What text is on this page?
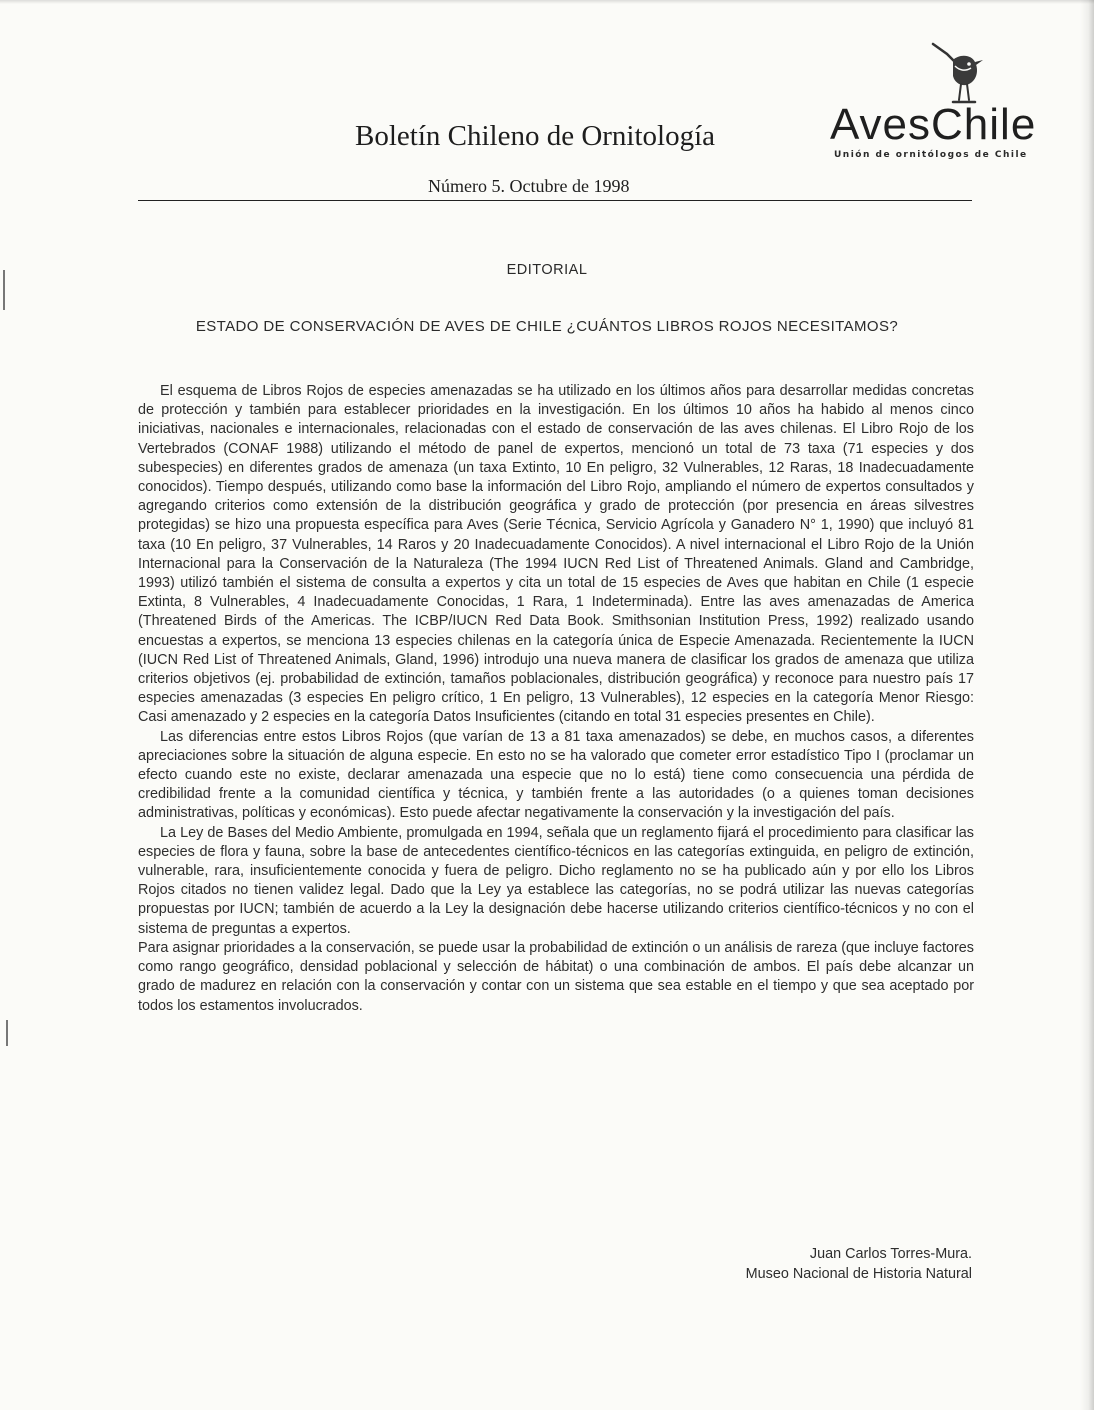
Boletín Chileno de Ornitología
Número 5. Octubre de 1998
AvesChile
Unión de ornitólogos de Chile
EDITORIAL
ESTADO DE CONSERVACIÓN DE AVES DE CHILE ¿CUÁNTOS LIBROS ROJOS NECESITAMOS?

El esquema de Libros Rojos de especies amenazadas se ha utilizado en los últimos años para desarrollar medidas concretas de protección y también para establecer prioridades en la investigación. En los últimos 10 años ha habido al menos cinco iniciativas, nacionales e internacionales, relacionadas con el estado de conservación de las aves chilenas. El Libro Rojo de los Vertebrados (CONAF 1988) utilizando el método de panel de expertos, mencionó un total de 73 taxa (71 especies y dos subespecies) en diferentes grados de amenaza (un taxa Extinto, 10 En peligro, 32 Vulnerables, 12 Raras, 18 Inadecuadamente conocidos). Tiempo después, utilizando como base la información del Libro Rojo, ampliando el número de expertos consultados y agregando criterios como extensión de la distribución geográfica y grado de protección (por presencia en áreas silvestres protegidas) se hizo una propuesta específica para Aves (Serie Técnica, Servicio Agrícola y Ganadero N° 1, 1990) que incluyó 81 taxa (10 En peligro, 37 Vulnerables, 14 Raros y 20 Inadecuadamente Conocidos). A nivel internacional el Libro Rojo de la Unión Internacional para la Conservación de la Naturaleza (The 1994 IUCN Red List of Threatened Animals. Gland and Cambridge, 1993) utilizó también el sistema de consulta a expertos y cita un total de 15 especies de Aves que habitan en Chile (1 especie Extinta, 8 Vulnerables, 4 Inadecuadamente Conocidas, 1 Rara, 1 Indeterminada). Entre las aves amenazadas de America (Threatened Birds of the Americas. The ICBP/IUCN Red Data Book. Smithsonian Institution Press, 1992) realizado usando encuestas a expertos, se menciona 13 especies chilenas en la categoría única de Especie Amenazada. Recientemente la IUCN (IUCN Red List of Threatened Animals, Gland, 1996) introdujo una nueva manera de clasificar los grados de amenaza que utiliza criterios objetivos (ej. probabilidad de extinción, tamaños poblacionales, distribución geográfica) y reconoce para nuestro país 17 especies amenazadas (3 especies En peligro crítico, 1 En peligro, 13 Vulnerables), 12 especies en la categoría Menor Riesgo: Casi amenazado y 2 especies en la categoría Datos Insuficientes (citando en total 31 especies presentes en Chile).

Las diferencias entre estos Libros Rojos (que varían de 13 a 81 taxa amenazados) se debe, en muchos casos, a diferentes apreciaciones sobre la situación de alguna especie. En esto no se ha valorado que cometer error estadístico Tipo I (proclamar un efecto cuando este no existe, declarar amenazada una especie que no lo está) tiene como consecuencia una pérdida de credibilidad frente a la comunidad científica y técnica, y también frente a las autoridades (o a quienes toman decisiones administrativas, políticas y económicas). Esto puede afectar negativamente la conservación y la investigación del país.

La Ley de Bases del Medio Ambiente, promulgada en 1994, señala que un reglamento fijará el procedimiento para clasificar las especies de flora y fauna, sobre la base de antecedentes científico-técnicos en las categorías extinguida, en peligro de extinción, vulnerable, rara, insuficientemente conocida y fuera de peligro. Dicho reglamento no se ha publicado aún y por ello los Libros Rojos citados no tienen validez legal. Dado que la Ley ya establece las categorías, no se podrá utilizar las nuevas categorías propuestas por IUCN; también de acuerdo a la Ley la designación debe hacerse utilizando criterios científico-técnicos y no con el sistema de preguntas a expertos.

Para asignar prioridades a la conservación, se puede usar la probabilidad de extinción o un análisis de rareza (que incluye factores como rango geográfico, densidad poblacional y selección de hábitat) o una combinación de ambos. El país debe alcanzar un grado de madurez en relación con la conservación y contar con un sistema que sea estable en el tiempo y que sea aceptado por todos los estamentos involucrados.

Juan Carlos Torres-Mura.
Museo Nacional de Historia Natural
